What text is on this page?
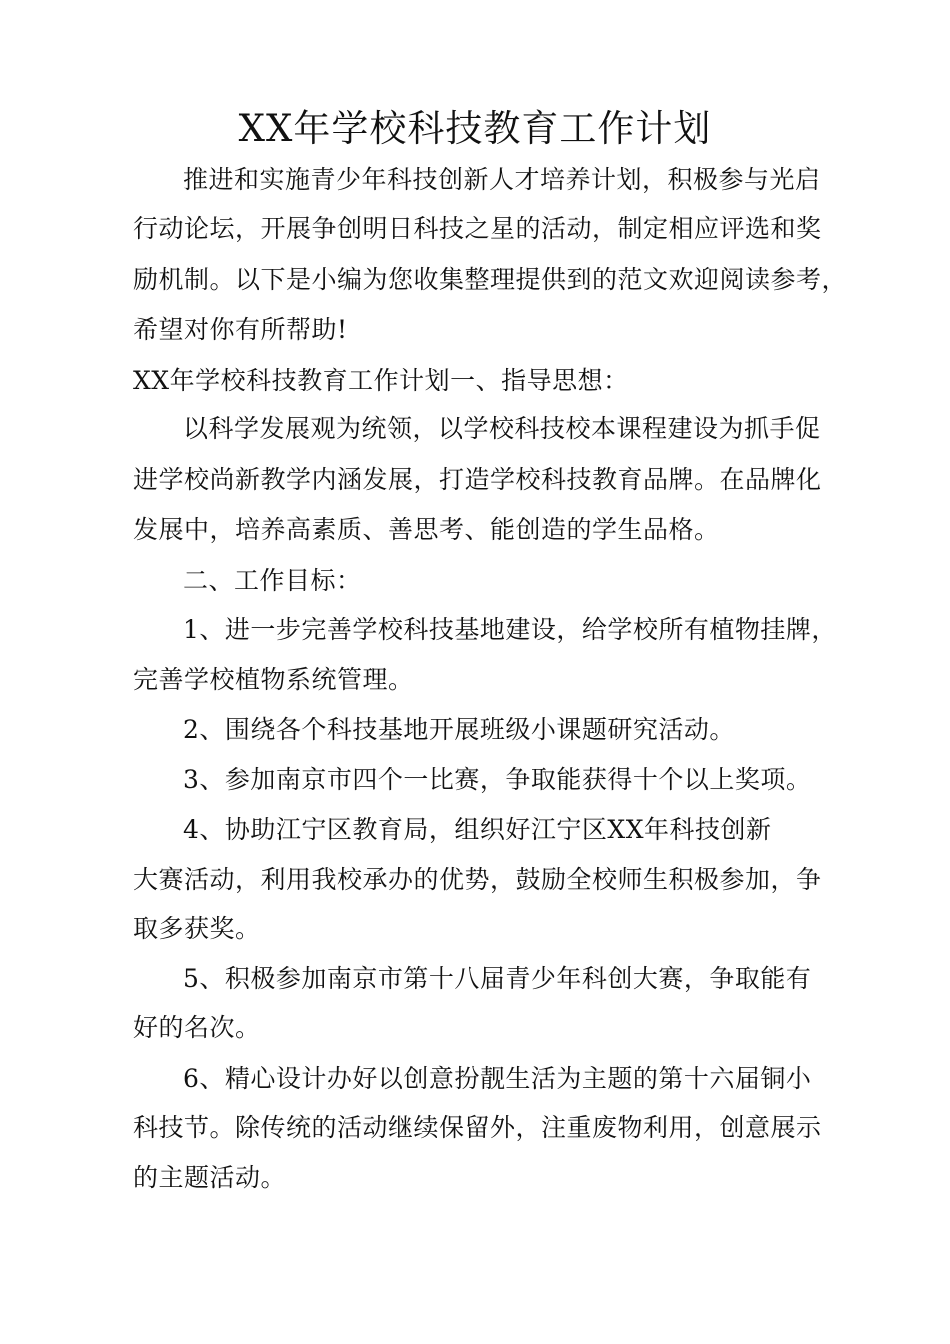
XX年学校科技教育工作计划
推进和实施青少年科技创新人才培养计划，积极参与光启
行动论坛，开展争创明日科技之星的活动，制定相应评选和奖
励机制。以下是小编为您收集整理提供到的范文欢迎阅读参考，
希望对你有所帮助!
XX年学校科技教育工作计划一、指导思想：
以科学发展观为统领，以学校科技校本课程建设为抓手促
进学校尚新教学内涵发展，打造学校科技教育品牌。在品牌化
发展中，培养高素质、善思考、能创造的学生品格。
二、工作目标：
1、进一步完善学校科技基地建设，给学校所有植物挂牌，
完善学校植物系统管理。
2、围绕各个科技基地开展班级小课题研究活动。
3、参加南京市四个一比赛，争取能获得十个以上奖项。
4、协助江宁区教育局，组织好江宁区XX年科技创新
大赛活动，利用我校承办的优势，鼓励全校师生积极参加，争
取多获奖。
5、积极参加南京市第十八届青少年科创大赛，争取能有
好的名次。
6、精心设计办好以创意扮靓生活为主题的第十六届铜小
科技节。除传统的活动继续保留外，注重废物利用，创意展示
的主题活动。
